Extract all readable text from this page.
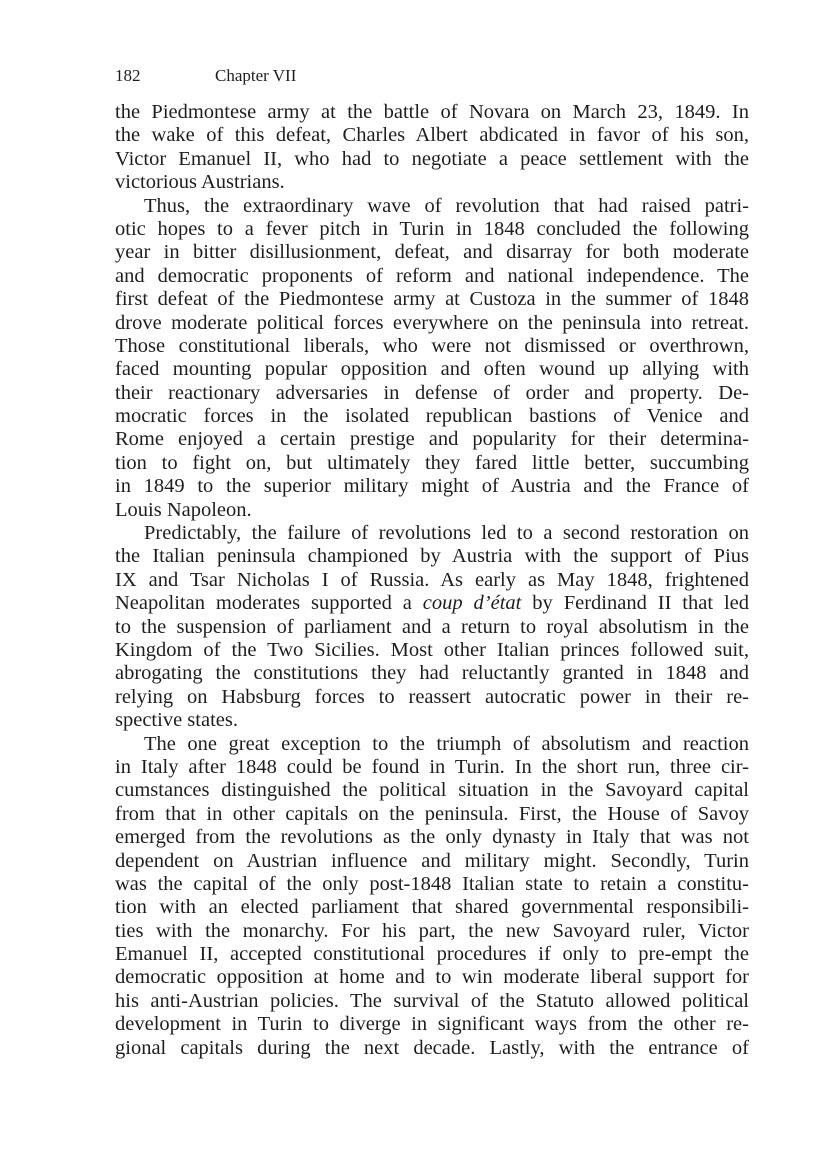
182	Chapter VII
the Piedmontese army at the battle of Novara on March 23, 1849. In
the wake of this defeat, Charles Albert abdicated in favor of his son,
Victor Emanuel II, who had to negotiate a peace settlement with the
victorious Austrians.
Thus, the extraordinary wave of revolution that had raised patri-
otic hopes to a fever pitch in Turin in 1848 concluded the following
year in bitter disillusionment, defeat, and disarray for both moderate
and democratic proponents of reform and national independence. The
first defeat of the Piedmontese army at Custoza in the summer of 1848
drove moderate political forces everywhere on the peninsula into retreat.
Those constitutional liberals, who were not dismissed or overthrown,
faced mounting popular opposition and often wound up allying with
their reactionary adversaries in defense of order and property. De-
mocratic forces in the isolated republican bastions of Venice and
Rome enjoyed a certain prestige and popularity for their determina-
tion to fight on, but ultimately they fared little better, succumbing
in 1849 to the superior military might of Austria and the France of
Louis Napoleon.
Predictably, the failure of revolutions led to a second restoration on
the Italian peninsula championed by Austria with the support of Pius
IX and Tsar Nicholas I of Russia. As early as May 1848, frightened
Neapolitan moderates supported a coup d’état by Ferdinand II that led
to the suspension of parliament and a return to royal absolutism in the
Kingdom of the Two Sicilies. Most other Italian princes followed suit,
abrogating the constitutions they had reluctantly granted in 1848 and
relying on Habsburg forces to reassert autocratic power in their re-
spective states.
The one great exception to the triumph of absolutism and reaction
in Italy after 1848 could be found in Turin. In the short run, three cir-
cumstances distinguished the political situation in the Savoyard capital
from that in other capitals on the peninsula. First, the House of Savoy
emerged from the revolutions as the only dynasty in Italy that was not
dependent on Austrian influence and military might. Secondly, Turin
was the capital of the only post-1848 Italian state to retain a constitu-
tion with an elected parliament that shared governmental responsibili-
ties with the monarchy. For his part, the new Savoyard ruler, Victor
Emanuel II, accepted constitutional procedures if only to pre-empt the
democratic opposition at home and to win moderate liberal support for
his anti-Austrian policies. The survival of the Statuto allowed political
development in Turin to diverge in significant ways from the other re-
gional capitals during the next decade. Lastly, with the entrance of
